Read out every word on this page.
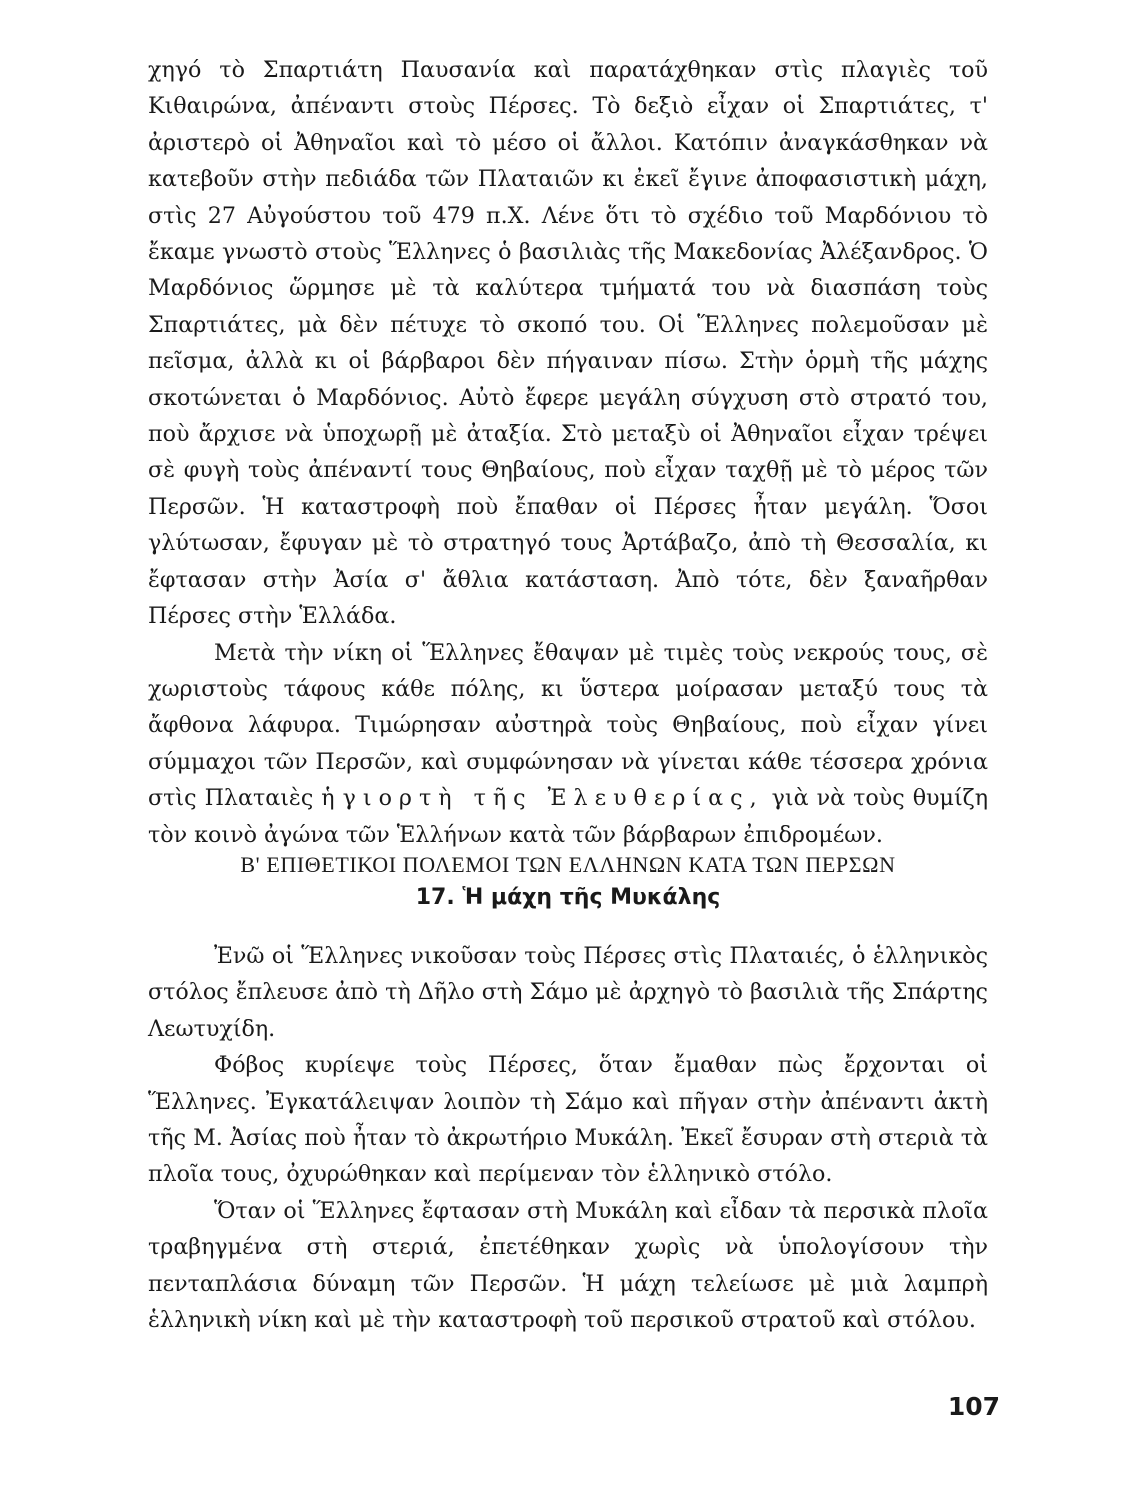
χηγό τὸ Σπαρτιάτη Παυσανία καὶ παρατάχθηκαν στὶς πλαγιὲς τοῦ Κιθαιρώνα, ἀπέναντι στοὺς Πέρσες. Τὸ δεξιὸ εἶχαν οἱ Σπαρτιάτες, τ' ἀριστερὸ οἱ Ἀθηναῖοι καὶ τὸ μέσο οἱ ἄλλοι. Κατόπιν ἀναγκάσθηκαν νὰ κατεβοῦν στὴν πεδιάδα τῶν Πλαταιῶν κι ἐκεῖ ἔγινε ἀποφασιστικὴ μάχη, στὶς 27 Αὐγούστου τοῦ 479 π.Χ. Λένε ὅτι τὸ σχέδιο τοῦ Μαρδόνιου τὸ ἔκαμε γνωστὸ στοὺς Ἕλληνες ὁ βασιλιὰς τῆς Μακεδονίας Ἀλέξανδρος. Ὁ Μαρδόνιος ὥρμησε μὲ τὰ καλύτερα τμήματά του νὰ διασπάση τοὺς Σπαρτιάτες, μὰ δὲν πέτυχε τὸ σκοπό του. Οἱ Ἕλληνες πολεμοῦσαν μὲ πεῖσμα, ἀλλὰ κι οἱ βάρβαροι δὲν πήγαιναν πίσω. Στὴν ὁρμὴ τῆς μάχης σκοτώνεται ὁ Μαρδόνιος. Αὐτὸ ἔφερε μεγάλη σύγχυση στὸ στρατό του, ποὺ ἄρχισε νὰ ὑποχωρῇ μὲ ἀταξία. Στὸ μεταξὺ οἱ Ἀθηναῖοι εἶχαν τρέψει σὲ φυγὴ τοὺς ἀπέναντί τους Θηβαίους, ποὺ εἶχαν ταχθῇ μὲ τὸ μέρος τῶν Περσῶν. Ἡ καταστροφὴ ποὺ ἔπαθαν οἱ Πέρσες ἦταν μεγάλη. Ὅσοι γλύτωσαν, ἔφυγαν μὲ τὸ στρατηγό τους Ἀρτάβαζο, ἀπὸ τὴ Θεσσαλία, κι ἔφτασαν στὴν Ἀσία σ' ἄθλια κατάσταση. Ἀπὸ τότε, δὲν ξαναῆρθαν Πέρσες στὴν Ἑλλάδα.

Μετὰ τὴν νίκη οἱ Ἕλληνες ἔθαψαν μὲ τιμὲς τοὺς νεκρούς τους, σὲ χωριστοὺς τάφους κάθε πόλης, κι ὕστερα μοίρασαν μεταξύ τους τὰ ἄφθονα λάφυρα. Τιμώρησαν αὐστηρὰ τοὺς Θηβαίους, ποὺ εἶχαν γίνει σύμμαχοι τῶν Περσῶν, καὶ συμφώνησαν νὰ γίνεται κάθε τέσσερα χρόνια στὶς Πλαταιὲς ἡ γιορτὴ τῆς Ἐλευθερίας, γιὰ νὰ τοὺς θυμίζη τὸν κοινὸ ἀγώνα τῶν Ἑλλήνων κατὰ τῶν βάρβαρων ἐπιδρομέων.

Β' ΕΠΙΘΕΤΙΚΟΙ ΠΟΛΕΜΟΙ ΤΩΝ ΕΛΛΗΝΩΝ ΚΑΤΑ ΤΩΝ ΠΕΡΣΩΝ
17. Ἡ μάχη τῆς Μυκάλης

Ἐνῶ οἱ Ἕλληνες νικοῦσαν τοὺς Πέρσες στὶς Πλαταιές, ὁ ἑλληνικὸς στόλος ἔπλευσε ἀπὸ τὴ Δῆλο στὴ Σάμο μὲ ἀρχηγὸ τὸ βασιλιὰ τῆς Σπάρτης Λεωτυχίδη.

Φόβος κυρίεψε τοὺς Πέρσες, ὅταν ἔμαθαν πὼς ἔρχονται οἱ Ἕλληνες. Ἐγκατάλειψαν λοιπὸν τὴ Σάμο καὶ πῆγαν στὴν ἀπέναντι ἀκτὴ τῆς Μ. Ἀσίας ποὺ ἦταν τὸ ἀκρωτήριο Μυκάλη. Ἐκεῖ ἔσυραν στὴ στεριὰ τὰ πλοῖα τους, ὀχυρώθηκαν καὶ περίμεναν τὸν ἑλληνικὸ στόλο.

Ὅταν οἱ Ἕλληνες ἔφτασαν στὴ Μυκάλη καὶ εἶδαν τὰ περσικὰ πλοῖα τραβηγμένα στὴ στεριά, ἐπετέθηκαν χωρὶς νὰ ὑπολογίσουν τὴν πενταπλάσια δύναμη τῶν Περσῶν. Ἡ μάχη τελείωσε μὲ μιὰ λαμπρὴ ἑλληνικὴ νίκη καὶ μὲ τὴν καταστροφὴ τοῦ περσικοῦ στρατοῦ καὶ στόλου.

107
